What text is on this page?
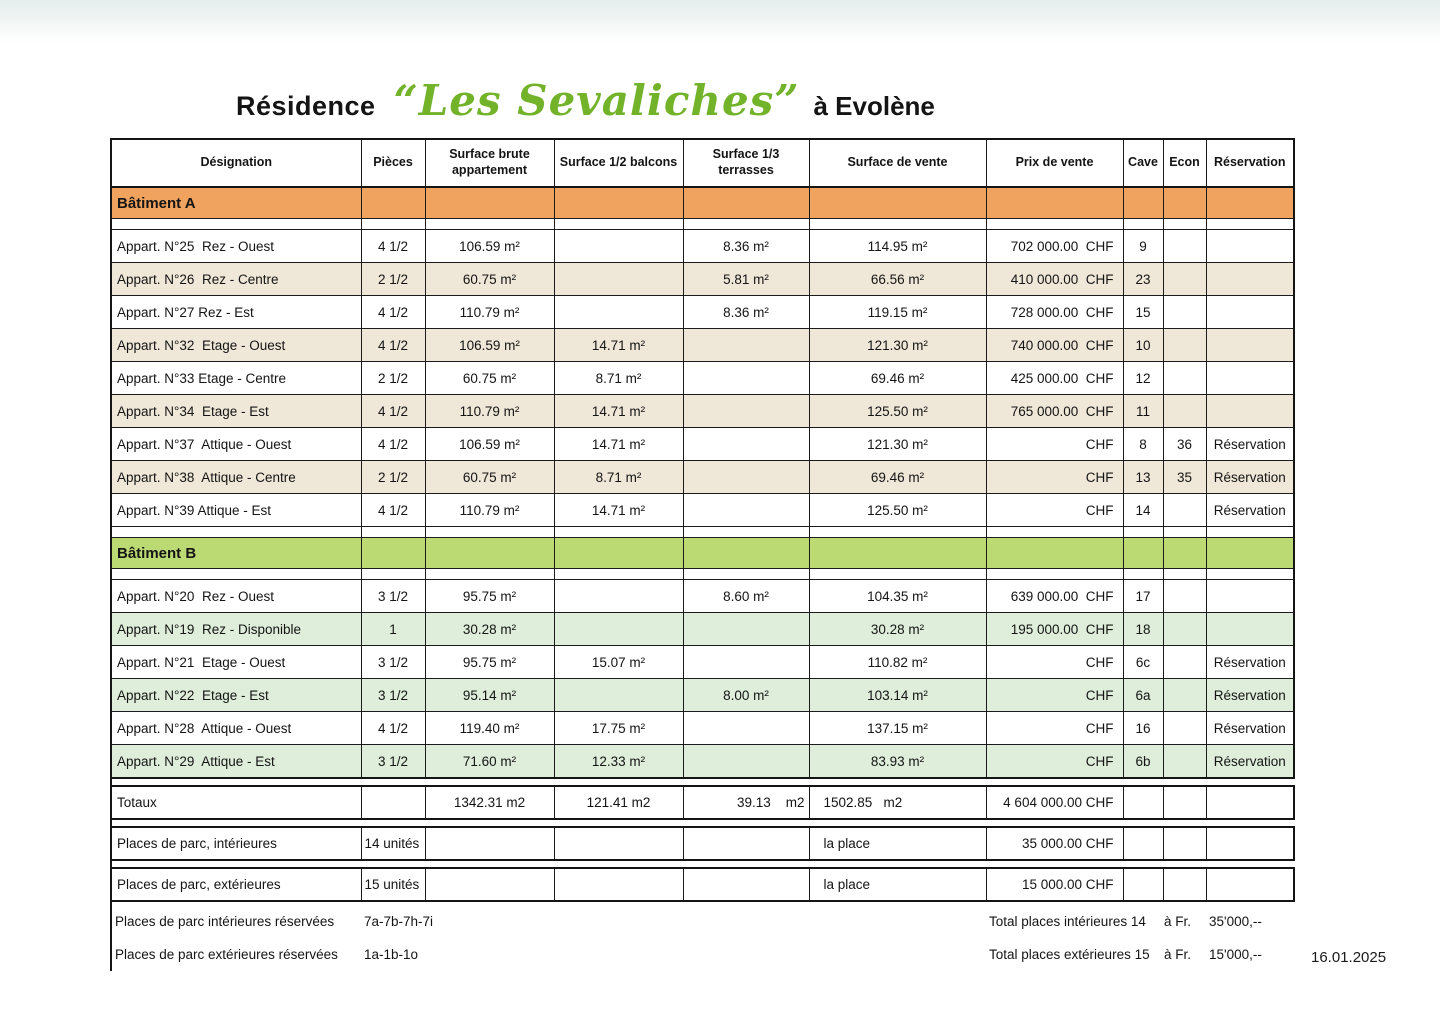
Résidence “Les Sevaliches” à Evolène
Désignation	Pièces	Surface brute appartement	Surface 1/2 balcons	Surface 1/3 terrasses	Surface de vente	Prix de vente	Cave	Econ	Réservation
Bâtiment A									

Appart. N°25  Rez - Ouest	4 1/2	106.59 m²		8.36 m²	114.95 m²	702 000.00  CHF	9		
Appart. N°26  Rez - Centre	2 1/2	60.75 m²		5.81 m²	66.56 m²	410 000.00  CHF	23		
Appart. N°27 Rez - Est	4 1/2	110.79 m²		8.36 m²	119.15 m²	728 000.00  CHF	15		
Appart. N°32  Etage - Ouest	4 1/2	106.59 m²	14.71 m²		121.30 m²	740 000.00  CHF	10		
Appart. N°33 Etage - Centre	2 1/2	60.75 m²	8.71 m²		69.46 m²	425 000.00  CHF	12		
Appart. N°34  Etage - Est	4 1/2	110.79 m²	14.71 m²		125.50 m²	765 000.00  CHF	11		
Appart. N°37  Attique - Ouest	4 1/2	106.59 m²	14.71 m²		121.30 m²	CHF	8	36	Réservation
Appart. N°38  Attique - Centre	2 1/2	60.75 m²	8.71 m²		69.46 m²	CHF	13	35	Réservation
Appart. N°39 Attique - Est	4 1/2	110.79 m²	14.71 m²		125.50 m²	CHF	14		Réservation

Bâtiment B									

Appart. N°20  Rez - Ouest	3 1/2	95.75 m²		8.60 m²	104.35 m²	639 000.00  CHF	17		
Appart. N°19  Rez - Disponible	1	30.28 m²			30.28 m²	195 000.00  CHF	18		
Appart. N°21  Etage - Ouest	3 1/2	95.75 m²	15.07 m²		110.82 m²	CHF	6c		Réservation
Appart. N°22  Etage - Est	3 1/2	95.14 m²		8.00 m²	103.14 m²	CHF	6a		Réservation
Appart. N°28  Attique - Ouest	4 1/2	119.40 m²	17.75 m²		137.15 m²	CHF	16		Réservation
Appart. N°29  Attique - Est	3 1/2	71.60 m²	12.33 m²		83.93 m²	CHF	6b		Réservation
Totaux		1342.31 m2	121.41 m2	39.13    m2	1502.85   m2	4 604 000.00 CHF			
Places de parc, intérieures	14 unités				la place	35 000.00 CHF			
Places de parc, extérieures	15 unités				la place	15 000.00 CHF			
Places de parc intérieures réservées	7a-7b-7h-7i		Total places intérieures 14	à Fr.	35'000,--
Places de parc extérieures réservées	1a-1b-1o		Total places extérieures 15	à Fr.	15'000,--	16.01.2025
